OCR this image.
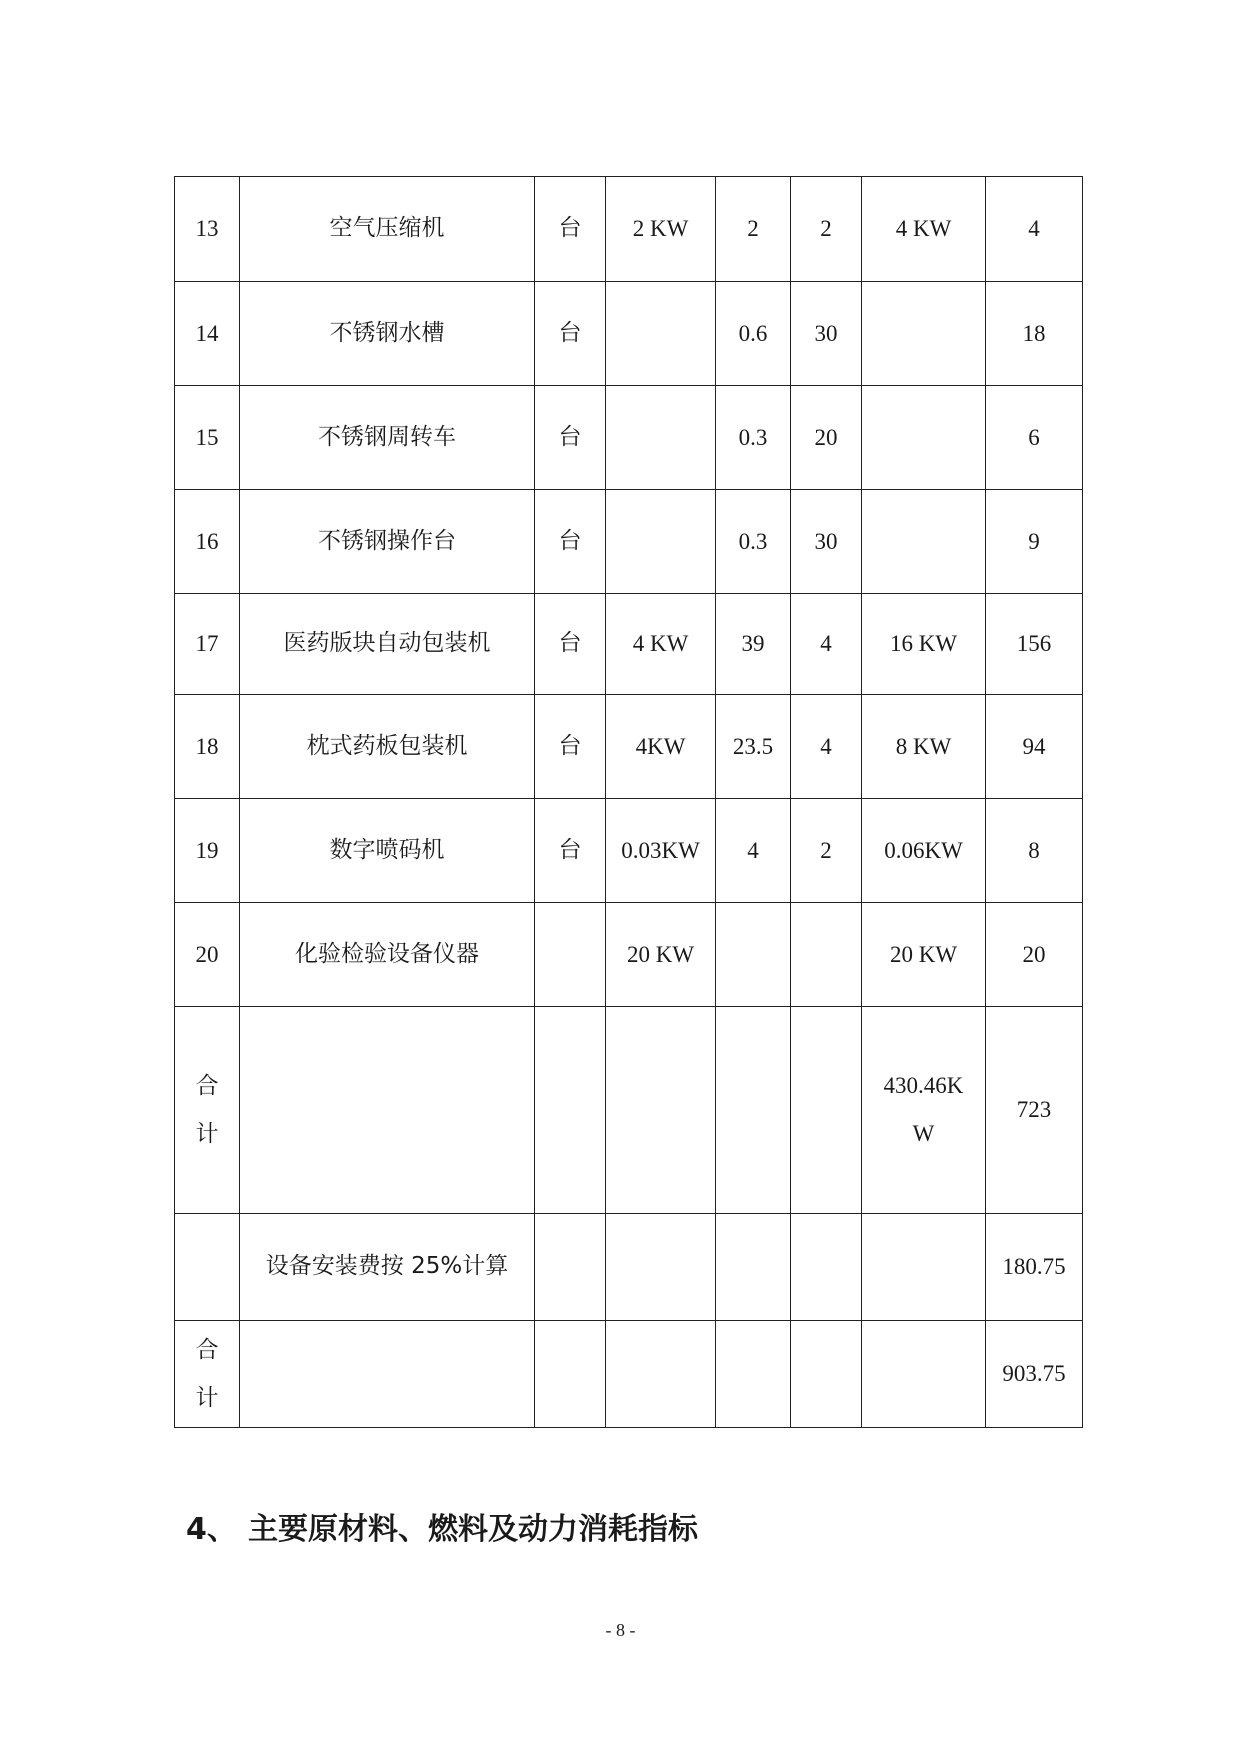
13	空气压缩机	台	2 KW	2	2	4 KW	4
14	不锈钢水槽	台		0.6	30		18
15	不锈钢周转车	台		0.3	20		6
16	不锈钢操作台	台		0.3	30		9
17	医药版块自动包装机	台	4 KW	39	4	16 KW	156
18	枕式药板包装机	台	4KW	23.5	4	8 KW	94
19	数字喷码机	台	0.03KW	4	2	0.06KW	8
20	化验检验设备仪器		20 KW			20 KW	20
合计						430.46KW	723
	设备安装费按 25%计算						180.75
合计							903.75
4、 主要原材料、燃料及动力消耗指标
- 8 -
